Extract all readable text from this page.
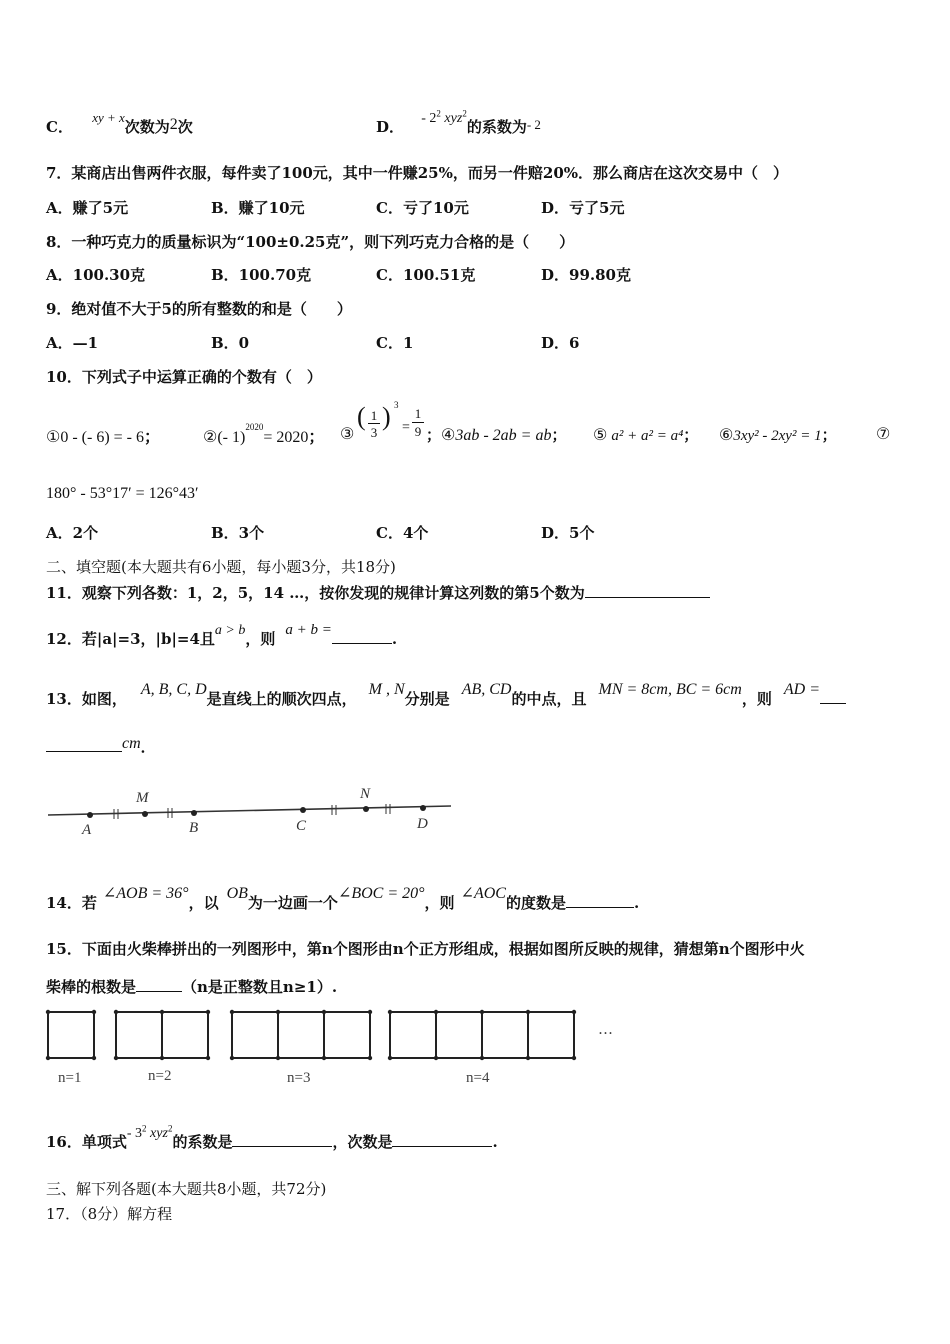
C． xy + x次数为2次	D． - $2^2$ xyz$^2$的系数为- 2
7．某商店出售两件衣服，每件卖了100元，其中一件赚25%，而另一件赔20%．那么商店在这次交易中（　）
A．赚了5元	B．赚了10元	C．亏了10元	D．亏了5元
8．一种巧克力的质量标识为“100±0.25克”，则下列巧克力合格的是（　　）
A．100.30克	B．100.70克	C．100.51克	D．99.80克
9．绝对值不大于5的所有整数的和是（　　）
A．—1	B．0	C．1	D．6
10．下列式子中运算正确的个数有（　）
①0 - (- 6) = - 6；	②(- 1)$^{2020}$= 2020； ③
( 1
3
) 3
=
1
9 ； ④3ab - 2ab = ab； ⑤ a² + a² = a⁴； ⑥3xy² - 2xy² = 1； ⑦
180° - 53°17′ = 126°43′
A．2个	B．3个	C．4个	D．5个
二、填空题(本大题共有6小题，每小题3分，共18分)
11．观察下列各数：1，2，5，14 …，按你发现的规律计算这列数的第5个数为
12．若|a|=3，|b|=4且a > b，则 a + b =	.
13．如图，A, B, C, D是直线上的顺次四点，M , N分别是AB, CD的中点，且MN = 8cm, BC = 6cm，则AD =
cm．
A
M
B	C
N
D
14．若∠AOB = 36°，以OB为一边画一个∠BOC = 20°，则∠AOC的度数是	.
15．下面由火柴棒拼出的一列图形中，第n个图形由n个正方形组成，根据如图所反映的规律，猜想第n个图形中火
柴棒的根数是	（n是正整数且n≥1）.
n=1	n=2	n=3	n=4
…
16．单项式- $3^2$ xyz$^2$的系数是	，次数是	.
三、解下列各题(本大题共8小题，共72分)
17．（8分）解方程
